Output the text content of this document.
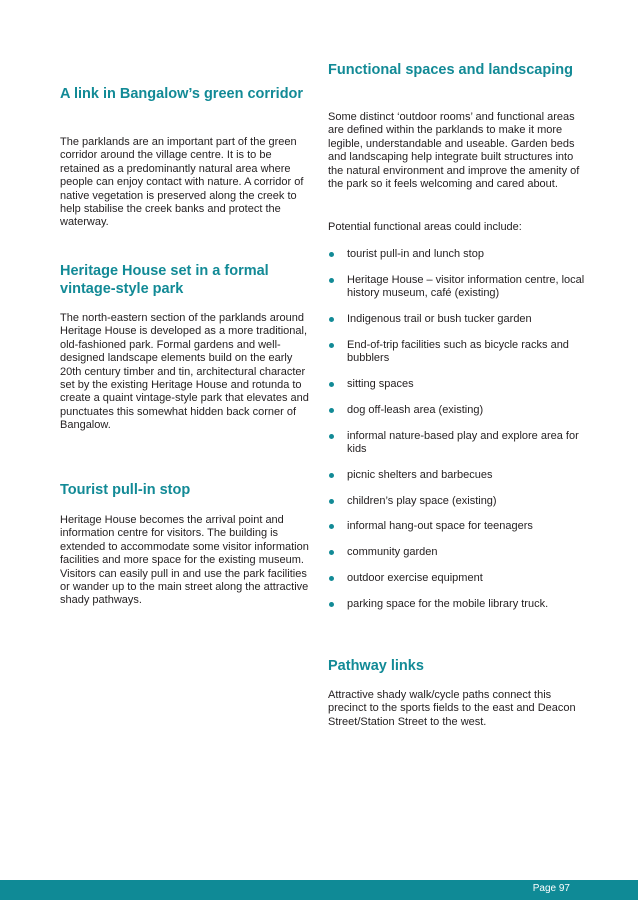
A link in Bangalow’s green corridor

The parklands are an important part of the green corridor around the village centre. It is to be retained as a predominantly natural area where people can enjoy contact with nature. A corridor of native vegetation is preserved along the creek to help stabilise the creek banks and protect the waterway.

Heritage House set in a formal vintage-style park

The north-eastern section of the parklands around Heritage House is developed as a more traditional, old-fashioned park. Formal gardens and well-designed landscape elements build on the early 20th century timber and tin, architectural character set by the existing Heritage House and rotunda to create a quaint vintage-style park that elevates and punctuates this somewhat hidden back corner of Bangalow.

Tourist pull-in stop

Heritage House becomes the arrival point and information centre for visitors. The building is extended to accommodate some visitor information facilities and more space for the existing museum. Visitors can easily pull in and use the park facilities or wander up to the main street along the attractive shady pathways.

Functional spaces and landscaping

Some distinct ‘outdoor rooms’ and functional areas are defined within the parklands to make it more legible, understandable and useable. Garden beds and landscaping help integrate built structures into the natural environment and improve the amenity of the park so it feels welcoming and cared about.

Potential functional areas could include:

tourist pull-in and lunch stop
Heritage House – visitor information centre, local history museum, café (existing)
Indigenous trail or bush tucker garden
End-of-trip facilities such as bicycle racks and bubblers
sitting spaces
dog off-leash area (existing)
informal nature-based play and explore area for kids
picnic shelters and barbecues
children’s play space (existing)
informal hang-out space for teenagers
community garden
outdoor exercise equipment
parking space for the mobile library truck.
Pathway links

Attractive shady walk/cycle paths connect this precinct to the sports fields to the east and Deacon Street/Station Street to the west.

Page 97
